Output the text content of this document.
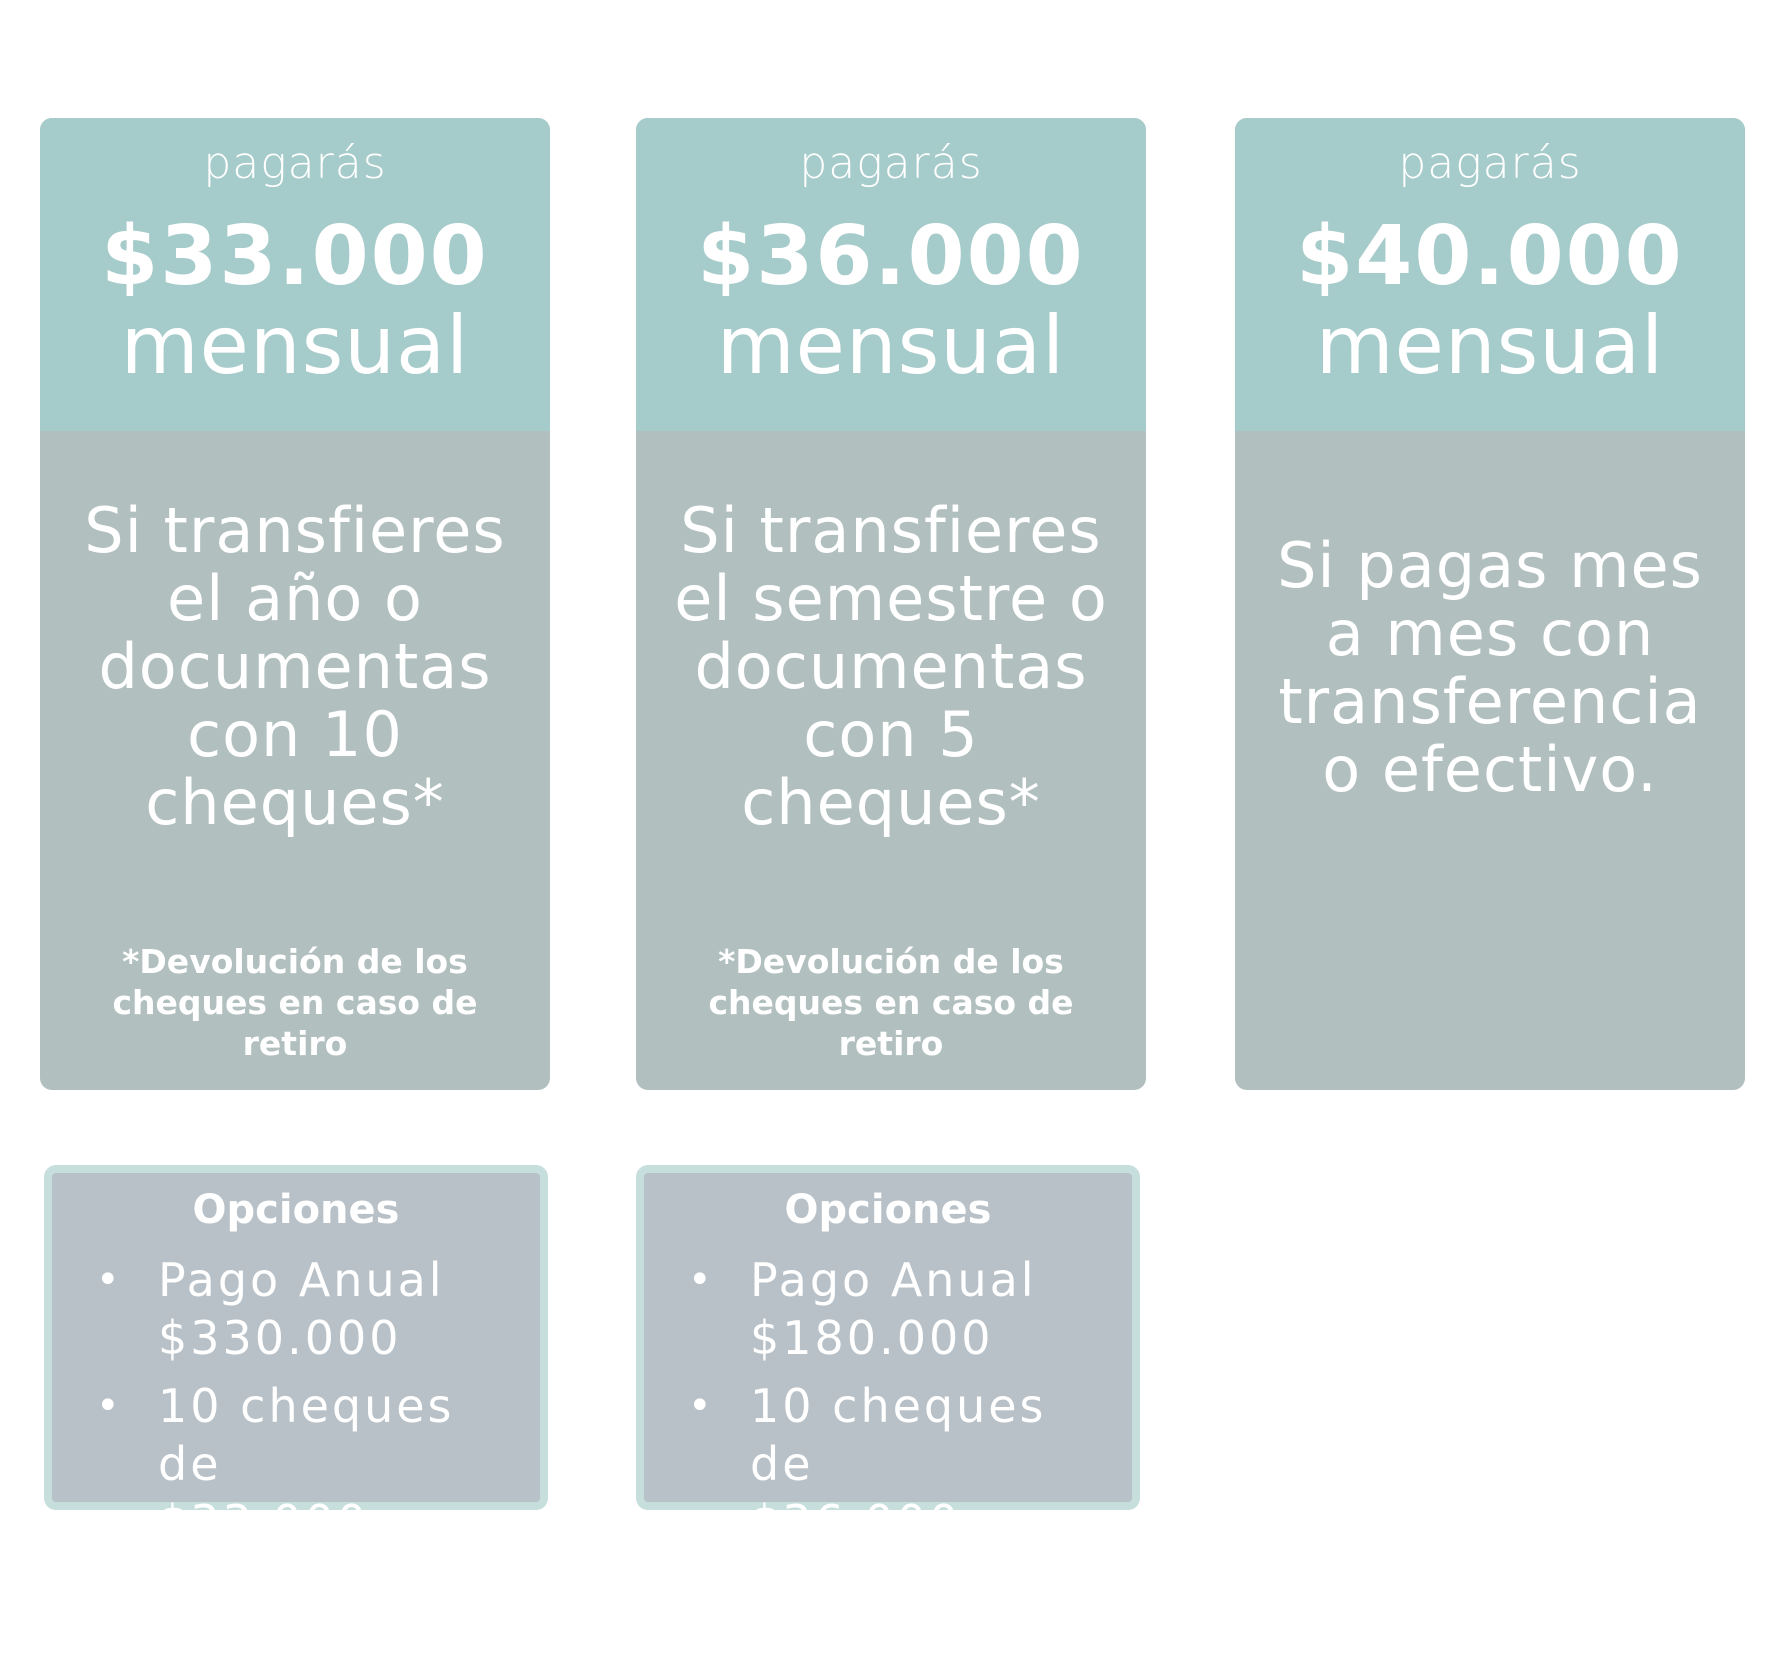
pagarás
$33.000
mensual
Si transfieres
el año o
documentas
con 10
cheques*
*Devolución de los
cheques en caso de
retiro
pagarás
$36.000
mensual
Si transfieres
el semestre o
documentas
con 5
cheques*
*Devolución de los
cheques en caso de
retiro
pagarás
$40.000
mensual
Si pagas mes
a mes con
transferencia
o efectivo.
Opciones
• Pago Anual
$330.000
• 10 cheques de
$33.000
Opciones
• Pago Anual
$180.000
• 10 cheques de
$36.000
